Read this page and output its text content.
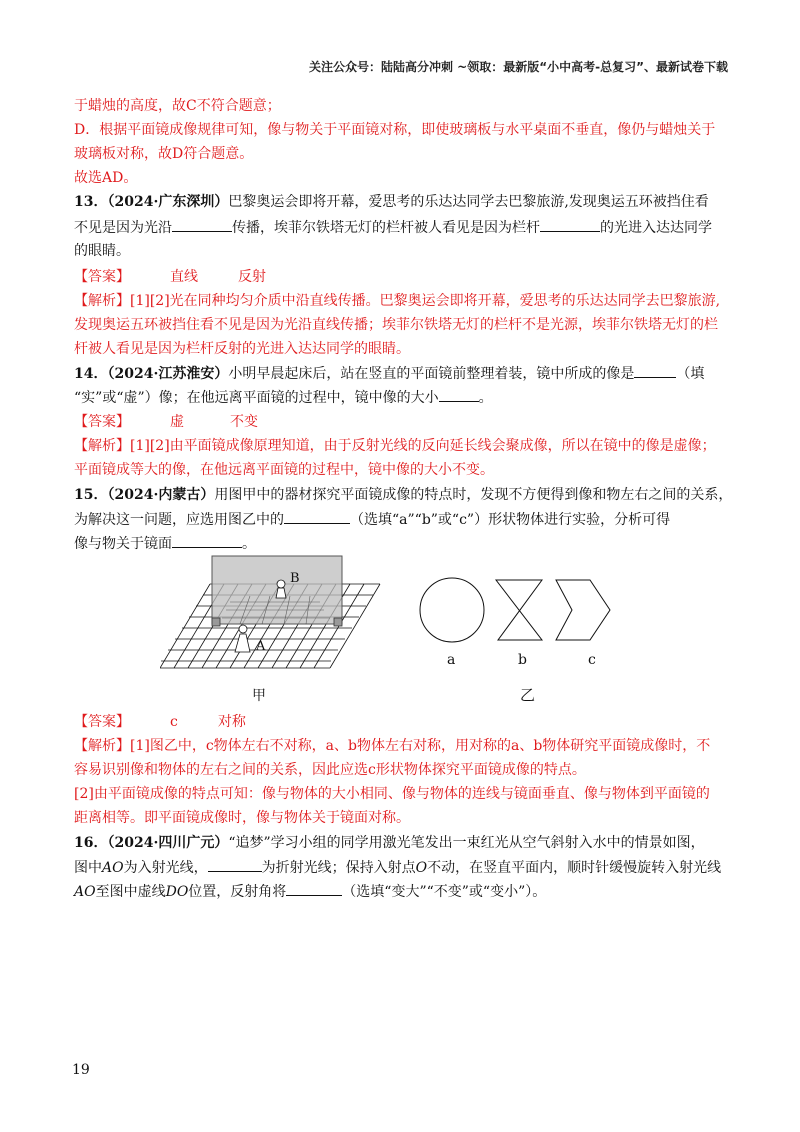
关注公众号：陆陆高分冲刺 ~领取：最新版“小中高考-总复习”、最新试卷下载
于蜡烛的高度，故C不符合题意；
D．根据平面镜成像规律可知，像与物关于平面镜对称，即使玻璃板与水平桌面不垂直，像仍与蜡烛关于
玻璃板对称，故D符合题意。
故选AD。
13．（2024·广东深圳）巴黎奥运会即将开幕，爱思考的乐达达同学去巴黎旅游,发现奥运五环被挡住看
不见是因为光沿	传播，埃菲尔铁塔无灯的栏杆被人看见是因为栏杆	的光进入达达同学
的眼睛。
【答案】	直线	反射
【解析】[1][2]光在同种均匀介质中沿直线传播。巴黎奥运会即将开幕，爱思考的乐达达同学去巴黎旅游,
发现奥运五环被挡住看不见是因为光沿直线传播；埃菲尔铁塔无灯的栏杆不是光源，埃菲尔铁塔无灯的栏
杆被人看见是因为栏杆反射的光进入达达同学的眼睛。
14．（2024·江苏淮安）小明早晨起床后，站在竖直的平面镜前整理着装，镜中所成的像是	（填
“实”或“虚”）像；在他远离平面镜的过程中，镜中像的大小	。
【答案】	虚	不变
【解析】[1][2]由平面镜成像原理知道，由于反射光线的反向延长线会聚成像，所以在镜中的像是虚像；
平面镜成等大的像，在他远离平面镜的过程中，镜中像的大小不变。
15．（2024·内蒙古）用图甲中的器材探究平面镜成像的特点时，发现不方便得到像和物左右之间的关系，
为解决这一问题，应选用图乙中的	（选填“a”“b”或“c”）形状物体进行实验，分析可得
像与物关于镜面	。
B
A
甲
a	b	c
乙
【答案】	c	对称
【解析】[1]图乙中，c物体左右不对称，a、b物体左右对称，用对称的a、b物体研究平面镜成像时，不
容易识别像和物体的左右之间的关系，因此应选c形状物体探究平面镜成像的特点。
[2]由平面镜成像的特点可知：像与物体的大小相同、像与物体的连线与镜面垂直、像与物体到平面镜的
距离相等。即平面镜成像时，像与物体关于镜面对称。
16．（2024·四川广元）“追梦”学习小组的同学用激光笔发出一束红光从空气斜射入水中的情景如图，
图中AO为入射光线，	为折射光线；保持入射点O不动，在竖直平面内，顺时针缓慢旋转入射光线
AO至图中虚线DO位置，反射角将	（选填“变大”“不变”或“变小”）。
19
